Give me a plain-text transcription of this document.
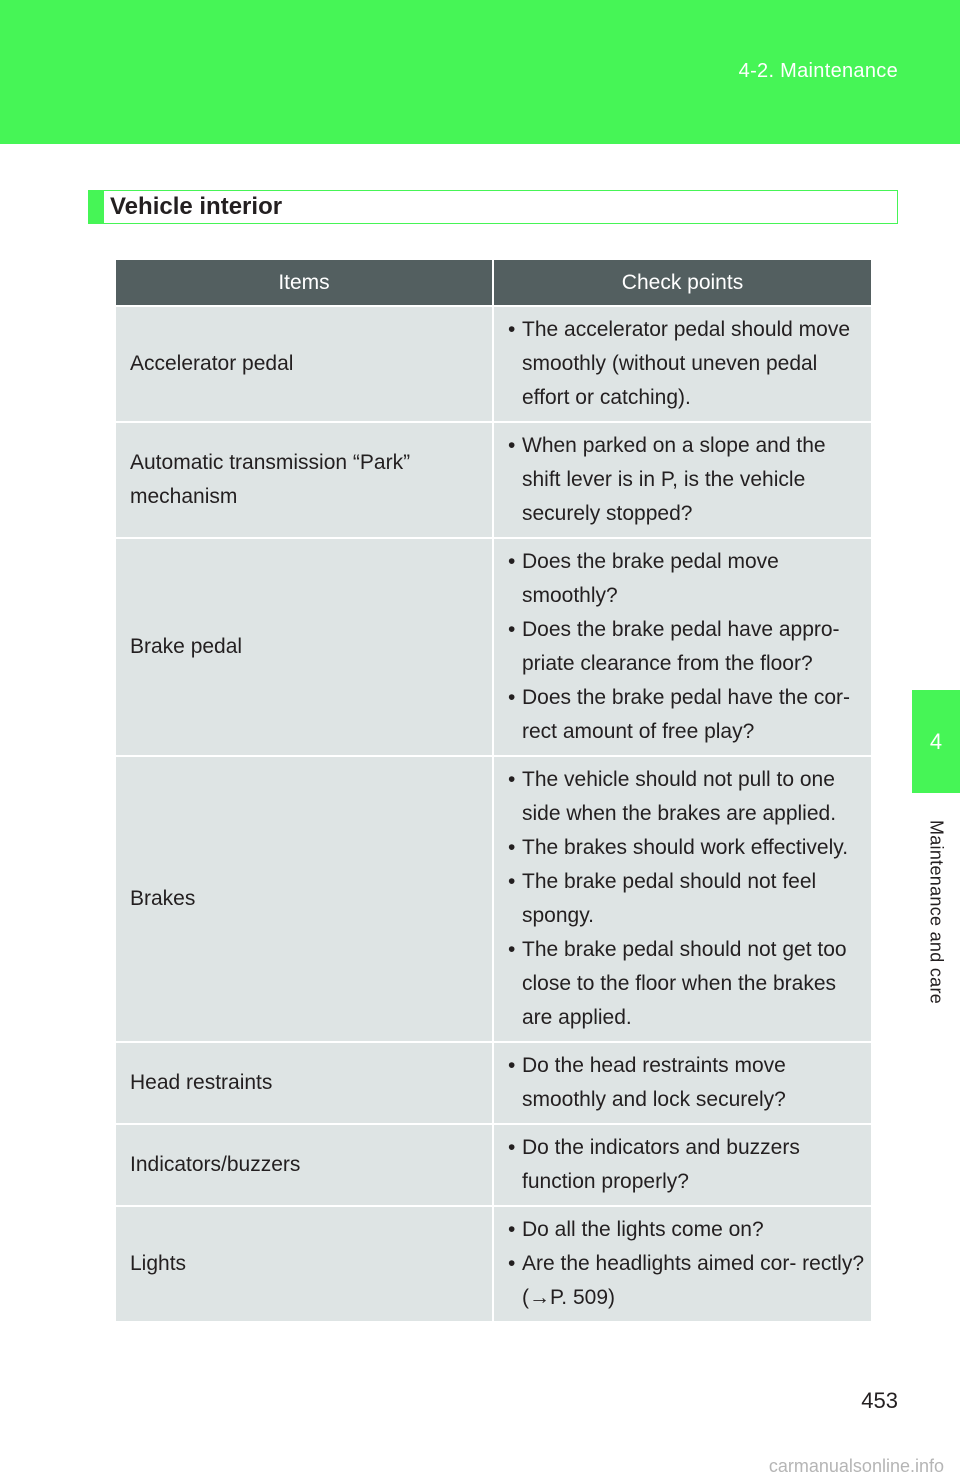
4-2. Maintenance
4
Maintenance and care
Vehicle interior
Items	Check points
Accelerator pedal	• The accelerator pedal should move smoothly (without uneven pedal effort or catching).

Automatic transmission “Park” mechanism	• When parked on a slope and the shift lever is in P, is the vehicle securely stopped?

Brake pedal	• Does the brake pedal move smoothly?
• Does the brake pedal have appro- priate clearance from the floor?
• Does the brake pedal have the cor- rect amount of free play?

Brakes	• The vehicle should not pull to one side when the brakes are applied.
• The brakes should work effectively.
• The brake pedal should not feel spongy.
• The brake pedal should not get too close to the floor when the brakes are applied.

Head restraints	• Do the head restraints move smoothly and lock securely?

Indicators/buzzers	• Do the indicators and buzzers function properly?

Lights	• Do all the lights come on?
• Are the headlights aimed cor- rectly? (→P. 509)
453
carmanualsonline.info
